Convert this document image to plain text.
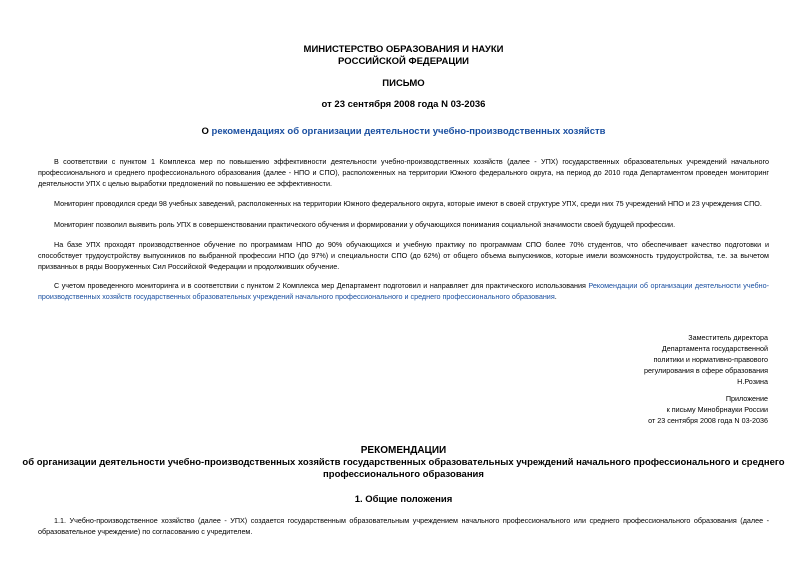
МИНИСТЕРСТВО ОБРАЗОВАНИЯ И НАУКИ
РОССИЙСКОЙ ФЕДЕРАЦИИ
ПИСЬМО
от 23 сентября 2008 года N 03-2036
О рекомендациях об организации деятельности учебно-производственных хозяйств
В соответствии с пунктом 1 Комплекса мер по повышению эффективности деятельности учебно-производственных хозяйств (далее - УПХ) государственных образовательных учреждений начального профессионального и среднего профессионального образования (далее - НПО и СПО), расположенных на территории Южного федерального округа, на период до 2010 года Департаментом проведен мониторинг деятельности УПХ с целью выработки предложений по повышению ее эффективности.
Мониторинг проводился среди 98 учебных заведений, расположенных на территории Южного федерального округа, которые имеют в своей структуре УПХ, среди них 75 учреждений НПО и 23 учреждения СПО.
Мониторинг позволил выявить роль УПХ в совершенствовании практического обучения и формировании у обучающихся понимания социальной значимости своей будущей профессии.
На базе УПХ проходят производственное обучение по программам НПО до 90% обучающихся и учебную практику по программам СПО более 70% студентов, что обеспечивает качество подготовки и способствует трудоустройству выпускников по выбранной профессии НПО (до 97%) и специальности СПО (до 62%) от общего объема выпускников, которые имели возможность трудоустройства, т.е. за вычетом призванных в ряды Вооруженных Сил Российской Федерации и продолживших обучение.
С учетом проведенного мониторинга и в соответствии с пунктом 2 Комплекса мер Департамент подготовил и направляет для практического использования Рекомендации об организации деятельности учебно-производственных хозяйств государственных образовательных учреждений начального профессионального и среднего профессионального образования.
Заместитель директора
Департамента государственной
политики и нормативно-правового
регулирования в сфере образования
Н.Розина
Приложение
к письму Минобрнауки России
от 23 сентября 2008 года N 03-2036
РЕКОМЕНДАЦИИ
об организации деятельности учебно-производственных хозяйств государственных образовательных учреждений начального профессионального и среднего
профессионального образования
1. Общие положения
1.1. Учебно-производственное хозяйство (далее - УПХ) создается государственным образовательным учреждением начального профессионального или среднего профессионального образования (далее - образовательное учреждение) по согласованию с учредителем.
